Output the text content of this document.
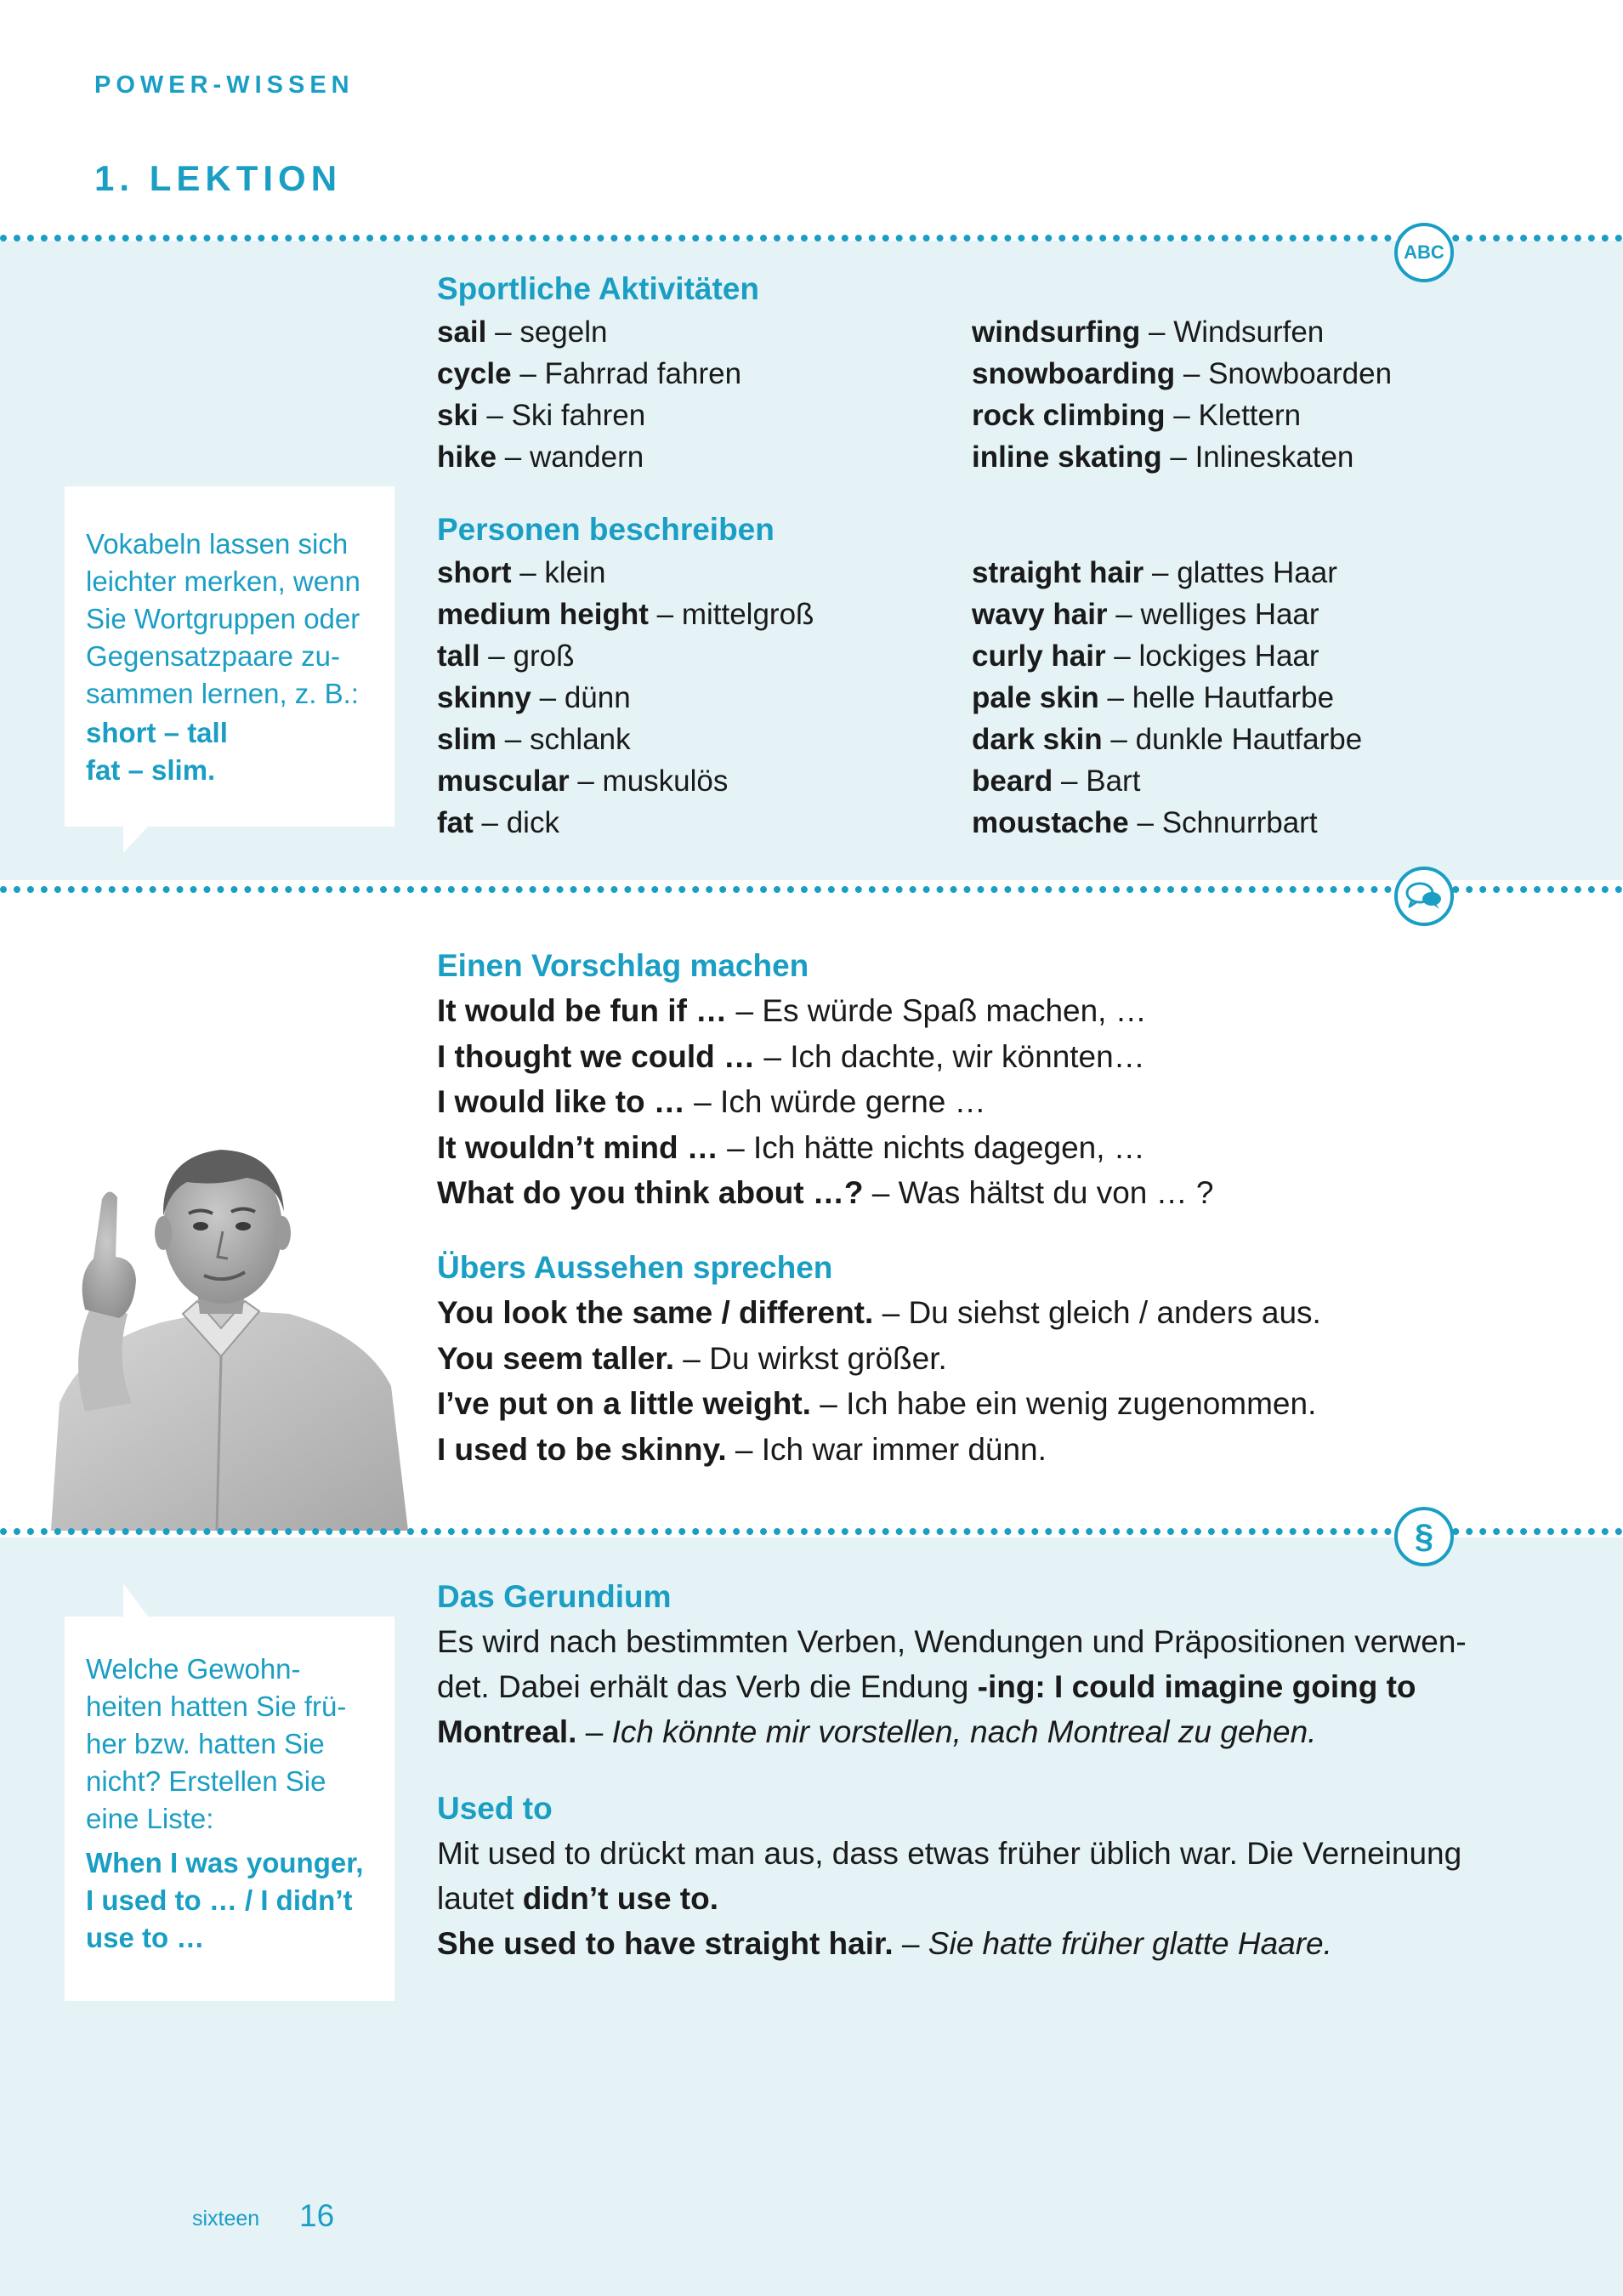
POWER-WISSEN
1. LEKTION
ABC
Sportliche Aktivitäten
sail – segeln
cycle – Fahrrad fahren
ski – Ski fahren
hike – wandern
windsurfing – Windsurfen
snowboarding – Snowboarden
rock climbing – Klettern
inline skating – Inlineskaten
Personen beschreiben
short – klein
medium height – mittelgroß
tall – groß
skinny – dünn
slim – schlank
muscular – muskulös
fat – dick
straight hair – glattes Haar
wavy hair – welliges Haar
curly hair – lockiges Haar
pale skin – helle Hautfarbe
dark skin – dunkle Hautfarbe
beard – Bart
moustache – Schnurrbart
Vokabeln lassen sich leichter merken, wenn Sie Wortgruppen oder Gegensatzpaare zu-sammen lernen, z. B.:
short – tall
fat – slim.
Einen Vorschlag machen
It would be fun if … – Es würde Spaß machen, …
I thought we could … – Ich dachte, wir könnten…
I would like to … – Ich würde gerne …
It wouldn’t mind … – Ich hätte nichts dagegen, …
What do you think about …? – Was hältst du von … ?
Übers Aussehen sprechen
You look the same / different. – Du siehst gleich / anders aus.
You seem taller. – Du wirkst größer.
I’ve put on a little weight. – Ich habe ein wenig zugenommen.
I used to be skinny. – Ich war immer dünn.
§
Das Gerundium
Es wird nach bestimmten Verben, Wendungen und Präpositionen verwen-det. Dabei erhält das Verb die Endung -ing: I could imagine going to Montreal. – Ich könnte mir vorstellen, nach Montreal zu gehen.
Used to
Mit used to drückt man aus, dass etwas früher üblich war. Die Verneinung lautet didn’t use to.
She used to have straight hair. – Sie hatte früher glatte Haare.
Welche Gewohn-heiten hatten Sie frü-her bzw. hatten Sie nicht? Erstellen Sie eine Liste:
When I was younger, I used to … / I didn’t use to …
sixteen 16
